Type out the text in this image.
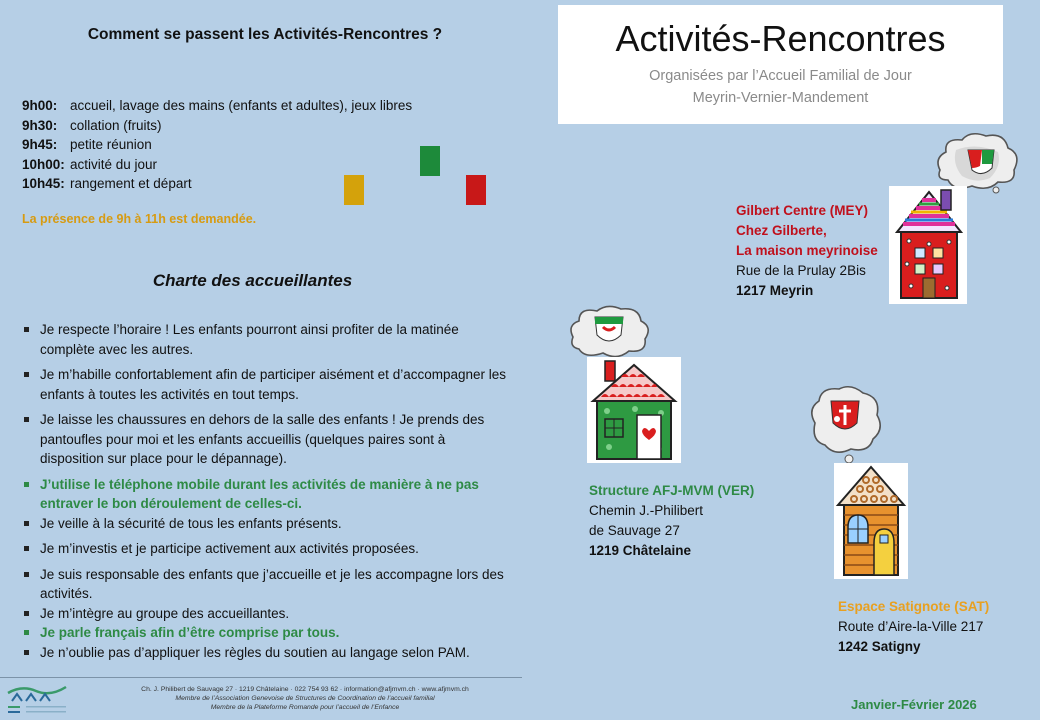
Comment se passent les Activités-Rencontres ?
9h00: accueil, lavage des mains (enfants et adultes), jeux libres
9h30: collation (fruits)
9h45: petite réunion
10h00: activité du jour
10h45: rangement et départ
La présence de 9h à 11h est demandée.
Charte des accueillantes
Je respecte l’horaire ! Les enfants pourront ainsi profiter de la matinée complète avec les autres.
Je m’habille confortablement afin de participer aisément et d’accompagner les enfants à toutes les activités en tout temps.
Je laisse les chaussures en dehors de la salle des enfants ! Je prends des pantoufles pour moi et les enfants accueillis (quelques paires sont à disposition sur place pour le dépannage).
J’utilise le téléphone mobile durant les activités de manière à ne pas entraver le bon déroulement de celles-ci.
Je veille à la sécurité de tous les enfants présents.
Je m’investis et je participe activement aux activités proposées.
Je suis responsable des enfants que j’accueille et je les accompagne lors des activités.
Je m’intègre au groupe des accueillantes.
Je parle français afin d’être comprise par tous.
Je n’oublie pas d’appliquer les règles du soutien au langage selon PAM.
Ch. J. Philibert de Sauvage 27 · 1219 Châtelaine · 022 754 93 62 · information@afjmvm.ch · www.afjmvm.ch
Membre de l’Association Genevoise de Structures de Coordination de l’accueil familial
Membre de la Plateforme Romande pour l’accueil de l’Enfance
Activités-Rencontres
Organisées par l’Accueil Familial de Jour
Meyrin-Vernier-Mandement
Gilbert Centre (MEY)
Chez Gilberte,
La maison meyrinoise
Rue de la Prulay 2Bis
1217 Meyrin
Structure AFJ-MVM (VER)
Chemin J.-Philibert
de Sauvage 27
1219 Châtelaine
Espace Satignote (SAT)
Route d’Aire-la-Ville 217
1242 Satigny
Janvier-Février 2026
